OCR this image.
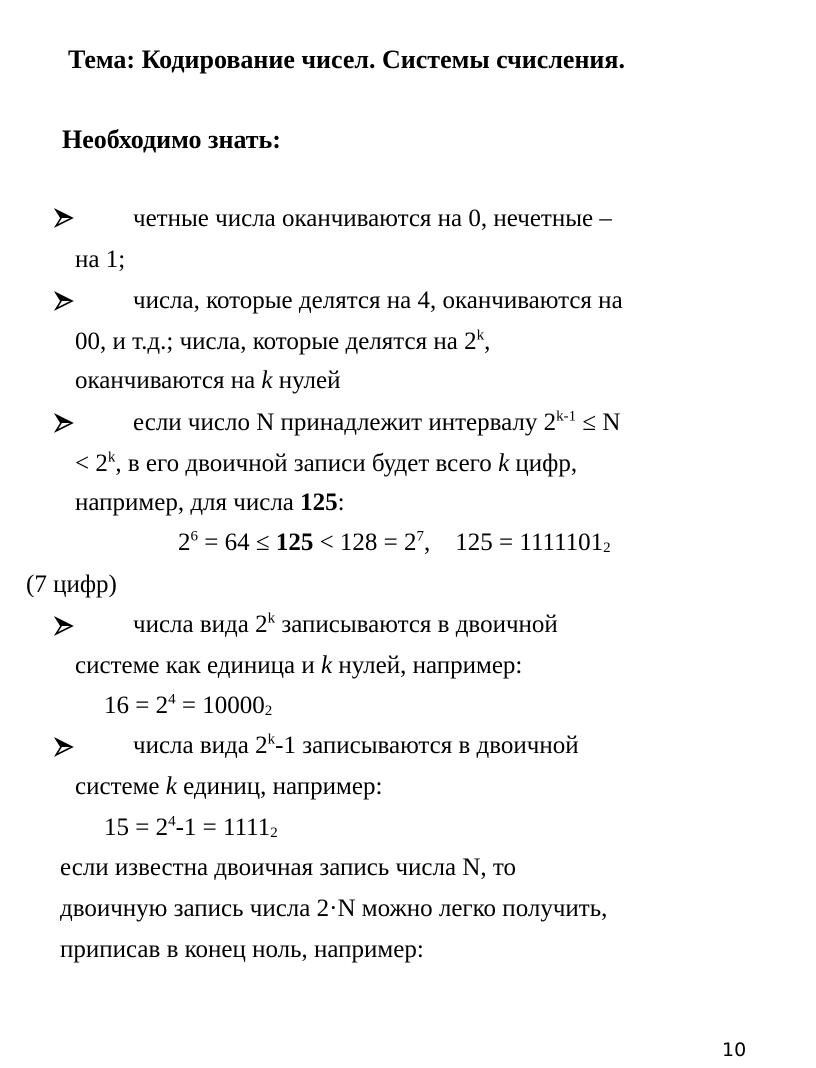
Тема: Кодирование чисел. Системы счисления.
Необходимо знать:
четные числа оканчиваются на 0, нечетные –
на 1;
числа, которые делятся на 4, оканчиваются на
00, и т.д.; числа, которые делятся на 2$^k$,
оканчиваются на k нулей
если число N принадлежит интервалу $2^{k-1} \le N$
< $2^k$, в его двоичной записи будет всего k цифр,
например, для числа 125:
$2^6 = 64 \le 125 < 128 = 2^7$,    $125 = 1111101_2$
(7 цифр)
числа вида 2$^k$ записываются в двоичной
системе как единица и k нулей, например:
$16 = 2^4 = 10000_2$
числа вида 2$^k$-1 записываются в двоичной
системе k единиц, например:
$15 = 2^4-1 = 1111_2$
если известна двоичная запись числа N, то
двоичную запись числа 2·N можно легко получить,
приписав в конец ноль, например:
10
